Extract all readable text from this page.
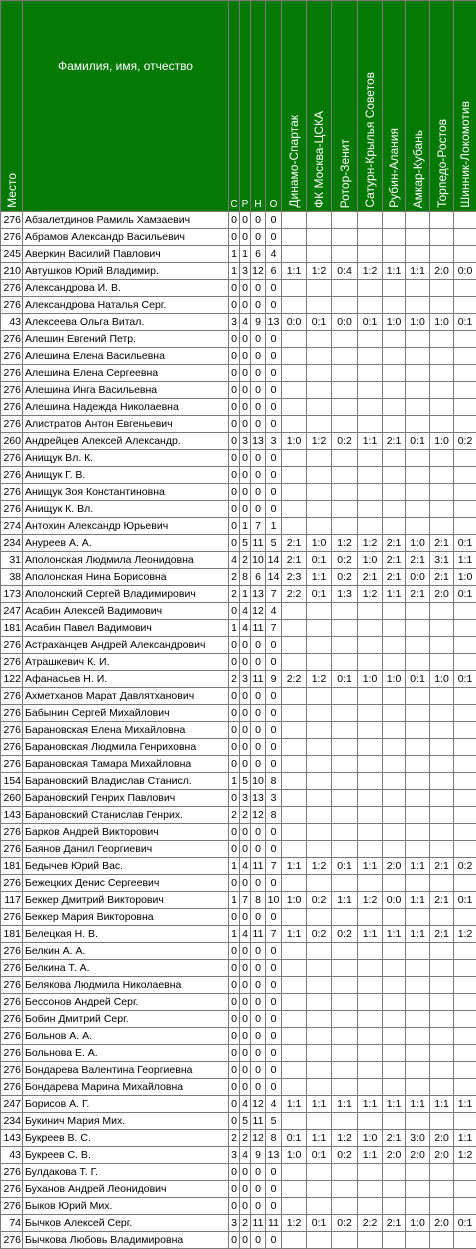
Место	Фамилия, имя, отчество	С	Р	Н	О	Динамо-Спартак	ФК Москва-ЦСКА	Ротор-Зенит	Сатурн-Крылья Советов	Рубин-Алания	Амкар-Кубань	Торпедо-Ростов	Шинник-Локомотив
276	Абзалетдинов Рамиль Хамзаевич	0	0	0	0								
276	Абрамов Александр Васильевич	0	0	0	0								
245	Аверкин Василий Павлович	1	1	6	4								
210	Автушков Юрий Владимир.	1	3	12	6	1:1	1:2	0:4	1:2	1:1	1:1	2:0	0:0
276	Александрова И. В.	0	0	0	0								
276	Александрова Наталья Серг.	0	0	0	0								
43	Алексеева Ольга Витал.	3	4	9	13	0:0	0:1	0:0	0:1	1:0	1:0	1:0	0:1
276	Алешин Евгений Петр.	0	0	0	0								
276	Алешина Елена Васильевна	0	0	0	0								
276	Алешина Елена Сергеевна	0	0	0	0								
276	Алешина Инга Васильевна	0	0	0	0								
276	Алешина Надежда Николаевна	0	0	0	0								
276	Алистратов Антон Евгеньевич	0	0	0	0								
260	Андрейцев Алексей Александр.	0	3	13	3	1:0	1:2	0:2	1:1	2:1	0:1	1:0	0:2
276	Анищук Вл. К.	0	0	0	0								
276	Анищук Г. В.	0	0	0	0								
276	Анищук Зоя Константиновна	0	0	0	0								
276	Анищук К. Вл.	0	0	0	0								
274	Антохин Александр Юрьевич	0	1	7	1								
234	Ануреев А. А.	0	5	11	5	2:1	1:0	1:2	1:2	2:1	1:0	2:1	0:1
31	Аполонская Людмила Леонидовна	4	2	10	14	2:1	0:1	0:2	1:0	2:1	2:1	3:1	1:1
38	Аполонская Нина Борисовна	2	8	6	14	2:3	1:1	0:2	2:1	2:1	0:0	2:1	1:0
173	Аполонский Сергей Владимирович	2	1	13	7	2:2	0:1	1:3	1:2	1:1	2:1	2:0	0:1
247	Асабин Алексей Вадимович	0	4	12	4								
181	Асабин Павел Вадимович	1	4	11	7								
276	Астраханцев Андрей Александрович	0	0	0	0								
276	Атрашкевич К. И.	0	0	0	0								
122	Афанасьев Н. И.	2	3	11	9	2:2	1:2	0:1	1:0	1:0	0:1	1:0	0:1
276	Ахметханов Марат Давлятханович	0	0	0	0								
276	Бабынин Сергей Михайлович	0	0	0	0								
276	Барановская Елена Михайловна	0	0	0	0								
276	Барановская Людмила Генриховна	0	0	0	0								
276	Барановская Тамара Михайловна	0	0	0	0								
154	Барановский Владислав Станисл.	1	5	10	8								
260	Барановский Генрих Павлович	0	3	13	3								
143	Барановский Станислав Генрих.	2	2	12	8								
276	Барков Андрей Викторович	0	0	0	0								
276	Баянов Данил Георгиевич	0	0	0	0								
181	Бедычев Юрий Вас.	1	4	11	7	1:1	1:2	0:1	1:1	2:0	1:1	2:1	0:2
276	Бежецких Денис Сергеевич	0	0	0	0								
117	Беккер Дмитрий Викторович	1	7	8	10	1:0	0:2	1:1	1:2	0:0	1:1	2:1	0:1
276	Беккер Мария Викторовна	0	0	0	0								
181	Белецкая Н. В.	1	4	11	7	1:1	0:2	0:2	1:1	1:1	1:1	2:1	1:2
276	Белкин А. А.	0	0	0	0								
276	Белкина Т. А.	0	0	0	0								
276	Белякова Людмила Николаевна	0	0	0	0								
276	Бессонов Андрей Серг.	0	0	0	0								
276	Бобин Дмитрий Серг.	0	0	0	0								
276	Больнов А. А.	0	0	0	0								
276	Больнова Е. А.	0	0	0	0								
276	Бондарева Валентина Георгиевна	0	0	0	0								
276	Бондарева Марина Михайловна	0	0	0	0								
247	Борисов А. Г.	0	4	12	4	1:1	1:1	1:1	1:1	1:1	1:1	1:1	1:1
234	Букинич Мария Мих.	0	5	11	5								
143	Букреев В. С.	2	2	12	8	0:1	1:1	1:2	1:0	2:1	3:0	2:0	1:1
43	Букреев С. В.	3	4	9	13	1:0	0:1	0:2	1:1	2:0	2:0	2:0	1:2
276	Булдакова Т. Г.	0	0	0	0								
276	Буханов Андрей Леонидович	0	0	0	0								
276	Быков Юрий Мих.	0	0	0	0								
74	Бычков Алексей Серг.	3	2	11	11	1:2	0:1	0:2	2:2	2:1	1:0	2:0	0:1
276	Бычкова Любовь Владимировна	0	0	0	0								
